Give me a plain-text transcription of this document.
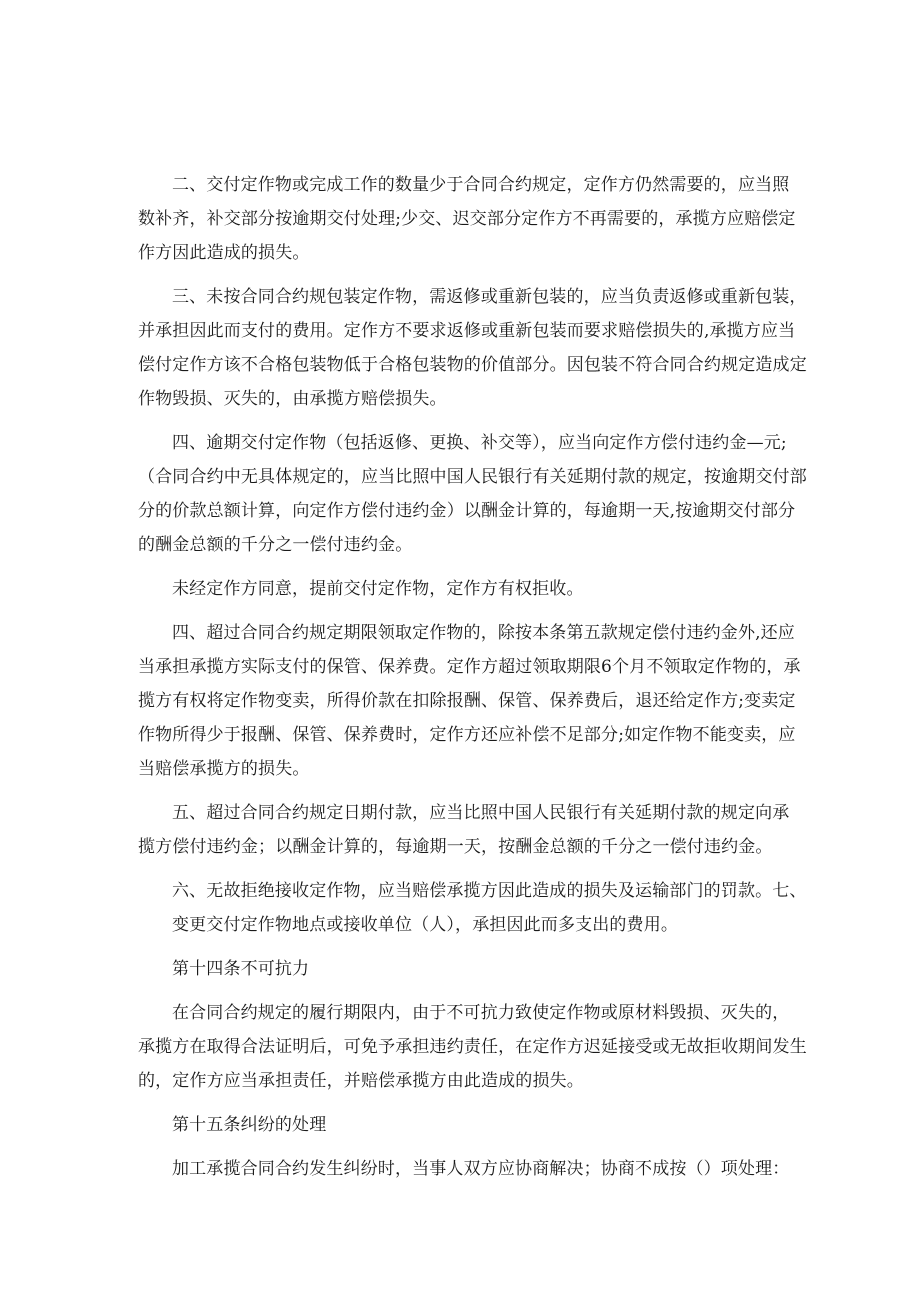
二、交付定作物或完成工作的数量少于合同合约规定，定作方仍然需要的，应当照
数补齐，补交部分按逾期交付处理;少交、迟交部分定作方不再需要的，承揽方应赔偿定
作方因此造成的损失。
三、未按合同合约规包装定作物，需返修或重新包装的，应当负责返修或重新包装，
并承担因此而支付的费用。定作方不要求返修或重新包装而要求赔偿损失的,承揽方应当
偿付定作方该不合格包装物低于合格包装物的价值部分。因包装不符合同合约规定造成定
作物毁损、灭失的，由承揽方赔偿损失。
四、逾期交付定作物（包括返修、更换、补交等），应当向定作方偿付违约金—元;
（合同合约中无具体规定的，应当比照中国人民银行有关延期付款的规定，按逾期交付部
分的价款总额计算，向定作方偿付违约金）以酬金计算的，每逾期一天,按逾期交付部分
的酬金总额的千分之一偿付违约金。
未经定作方同意，提前交付定作物，定作方有权拒收。
四、超过合同合约规定期限领取定作物的，除按本条第五款规定偿付违约金外,还应
当承担承揽方实际支付的保管、保养费。定作方超过领取期限6个月不领取定作物的，承
揽方有权将定作物变卖，所得价款在扣除报酬、保管、保养费后，退还给定作方;变卖定
作物所得少于报酬、保管、保养费时，定作方还应补偿不足部分;如定作物不能变卖，应
当赔偿承揽方的损失。
五、超过合同合约规定日期付款，应当比照中国人民银行有关延期付款的规定向承
揽方偿付违约金；以酬金计算的，每逾期一天，按酬金总额的千分之一偿付违约金。
六、无故拒绝接收定作物，应当赔偿承揽方因此造成的损失及运输部门的罚款。七、
变更交付定作物地点或接收单位（人），承担因此而多支出的费用。
第十四条不可抗力
在合同合约规定的履行期限内，由于不可抗力致使定作物或原材料毁损、灭失的，
承揽方在取得合法证明后，可免予承担违约责任，在定作方迟延接受或无故拒收期间发生
的，定作方应当承担责任，并赔偿承揽方由此造成的损失。
第十五条纠纷的处理
加工承揽合同合约发生纠纷时，当事人双方应协商解决；协商不成按（）项处理：
